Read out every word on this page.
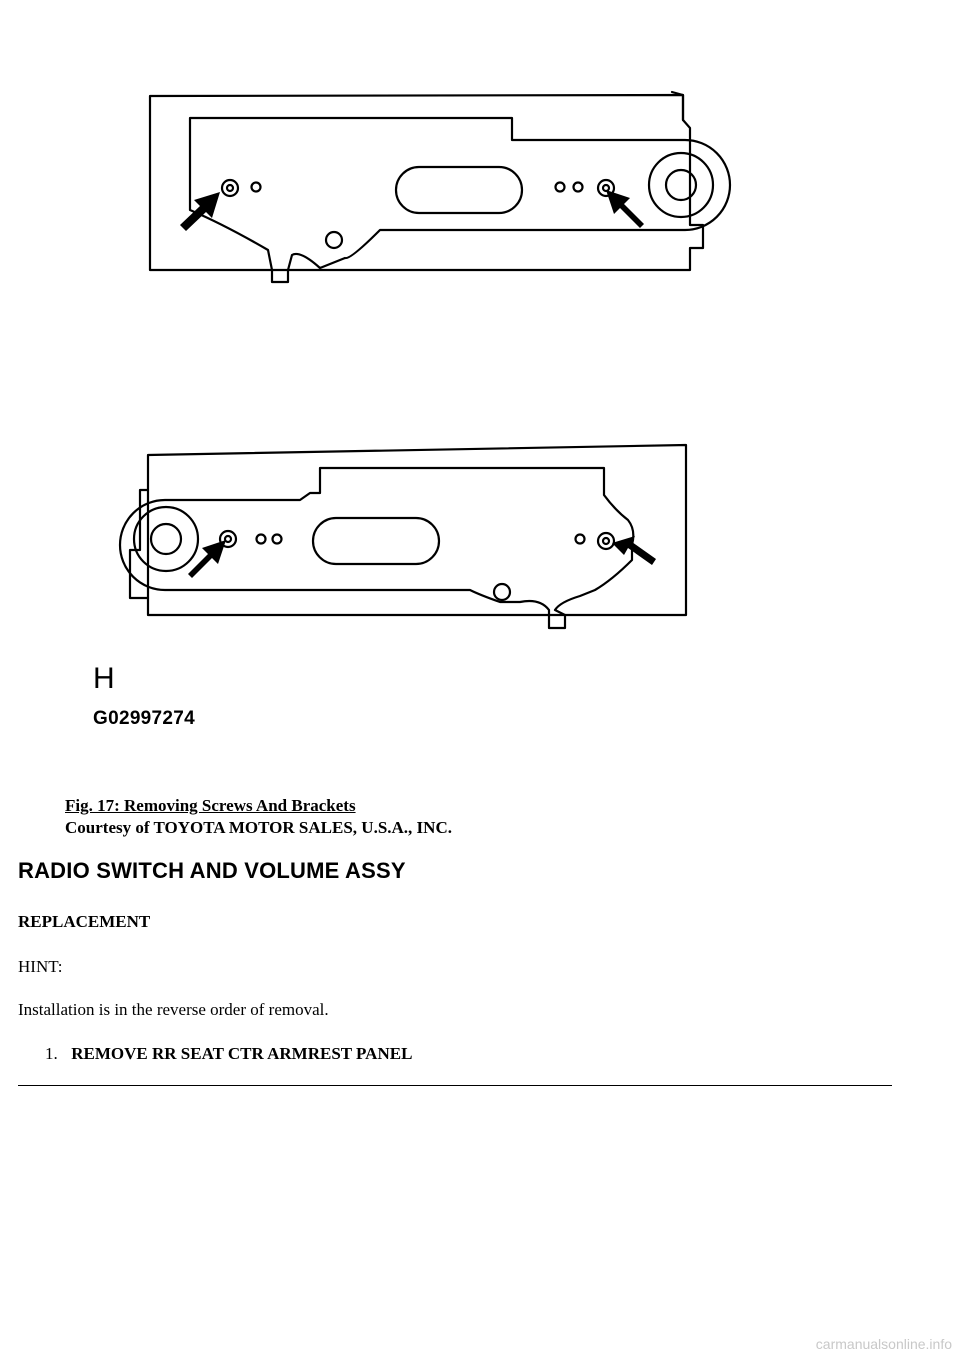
H
G02997274
Fig. 17: Removing Screws And Brackets
Courtesy of TOYOTA MOTOR SALES, U.S.A., INC.
RADIO SWITCH AND VOLUME ASSY
REPLACEMENT
HINT:
Installation is in the reverse order of removal.
1. REMOVE RR SEAT CTR ARMREST PANEL
carmanualsonline.info
